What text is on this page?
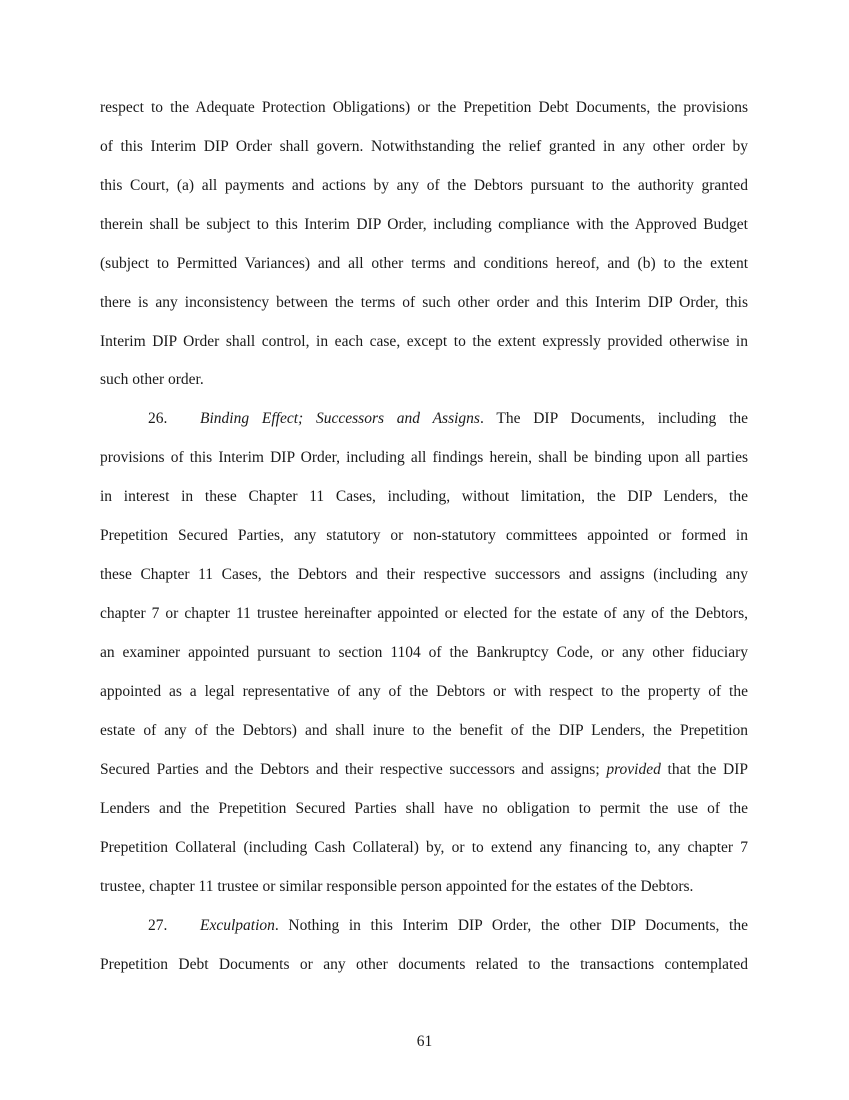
respect to the Adequate Protection Obligations) or the Prepetition Debt Documents, the provisions
of this Interim DIP Order shall govern. Notwithstanding the relief granted in any other order by
this Court, (a) all payments and actions by any of the Debtors pursuant to the authority granted
therein shall be subject to this Interim DIP Order, including compliance with the Approved Budget
(subject to Permitted Variances) and all other terms and conditions hereof, and (b) to the extent
there is any inconsistency between the terms of such other order and this Interim DIP Order, this
Interim DIP Order shall control, in each case, except to the extent expressly provided otherwise in
such other order.
26. Binding Effect; Successors and Assigns. The DIP Documents, including the
provisions of this Interim DIP Order, including all findings herein, shall be binding upon all parties
in interest in these Chapter 11 Cases, including, without limitation, the DIP Lenders, the
Prepetition Secured Parties, any statutory or non-statutory committees appointed or formed in
these Chapter 11 Cases, the Debtors and their respective successors and assigns (including any
chapter 7 or chapter 11 trustee hereinafter appointed or elected for the estate of any of the Debtors,
an examiner appointed pursuant to section 1104 of the Bankruptcy Code, or any other fiduciary
appointed as a legal representative of any of the Debtors or with respect to the property of the
estate of any of the Debtors) and shall inure to the benefit of the DIP Lenders, the Prepetition
Secured Parties and the Debtors and their respective successors and assigns; provided that the DIP
Lenders and the Prepetition Secured Parties shall have no obligation to permit the use of the
Prepetition Collateral (including Cash Collateral) by, or to extend any financing to, any chapter 7
trustee, chapter 11 trustee or similar responsible person appointed for the estates of the Debtors.
27. Exculpation. Nothing in this Interim DIP Order, the other DIP Documents, the
Prepetition Debt Documents or any other documents related to the transactions contemplated
61
